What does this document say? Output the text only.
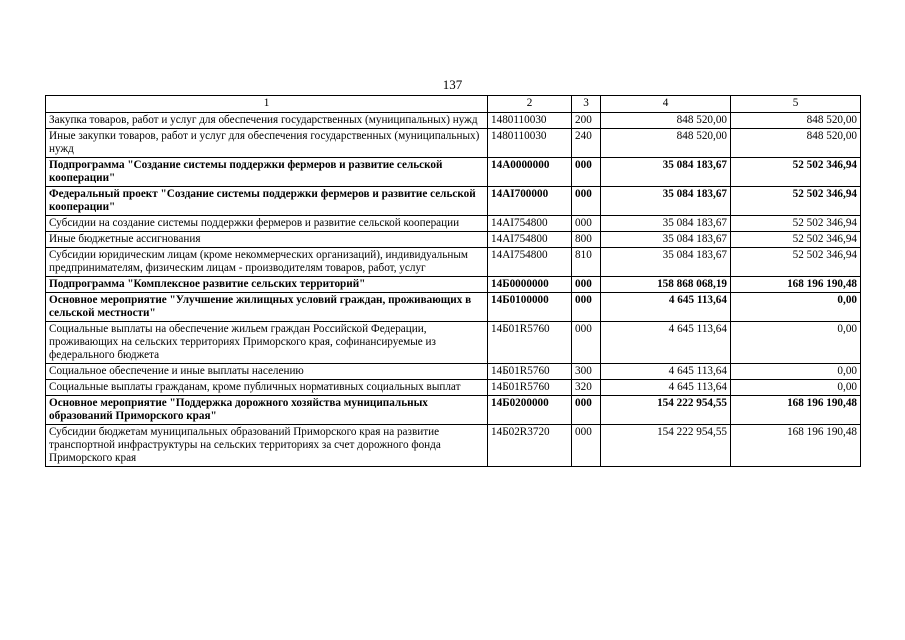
137
1	2	3	4	5
Закупка товаров, работ и услуг для обеспечения государственных (муниципальных) нужд	1480110030	200	848 520,00	848 520,00
Иные закупки товаров, работ и услуг для обеспечения государственных (муниципальных) нужд	1480110030	240	848 520,00	848 520,00
Подпрограмма "Создание системы поддержки фермеров и развитие сельской кооперации"	14А0000000	000	35 084 183,67	52 502 346,94
Федеральный проект "Создание системы поддержки фермеров и развитие сельской кооперации"	14АI700000	000	35 084 183,67	52 502 346,94
Субсидии на создание системы поддержки фермеров и развитие сельской кооперации	14АI754800	000	35 084 183,67	52 502 346,94
Иные бюджетные ассигнования	14АI754800	800	35 084 183,67	52 502 346,94
Субсидии юридическим лицам (кроме некоммерческих организаций), индивидуальным предпринимателям, физическим лицам - производителям товаров, работ, услуг	14АI754800	810	35 084 183,67	52 502 346,94
Подпрограмма "Комплексное развитие сельских территорий"	14Б0000000	000	158 868 068,19	168 196 190,48
Основное мероприятие "Улучшение жилищных условий граждан, проживающих в сельской местности"	14Б0100000	000	4 645 113,64	0,00
Социальные выплаты на обеспечение жильем граждан Российской Федерации, проживающих на сельских территориях Приморского края, софинансируемые из федерального бюджета	14Б01R5760	000	4 645 113,64	0,00
Социальное обеспечение и иные выплаты населению	14Б01R5760	300	4 645 113,64	0,00
Социальные выплаты гражданам, кроме публичных нормативных социальных выплат	14Б01R5760	320	4 645 113,64	0,00
Основное мероприятие "Поддержка дорожного хозяйства муниципальных образований Приморского края"	14Б0200000	000	154 222 954,55	168 196 190,48
Субсидии бюджетам муниципальных образований Приморского края на развитие транспортной инфраструктуры на сельских территориях за счет дорожного фонда Приморского края	14Б02R3720	000	154 222 954,55	168 196 190,48
